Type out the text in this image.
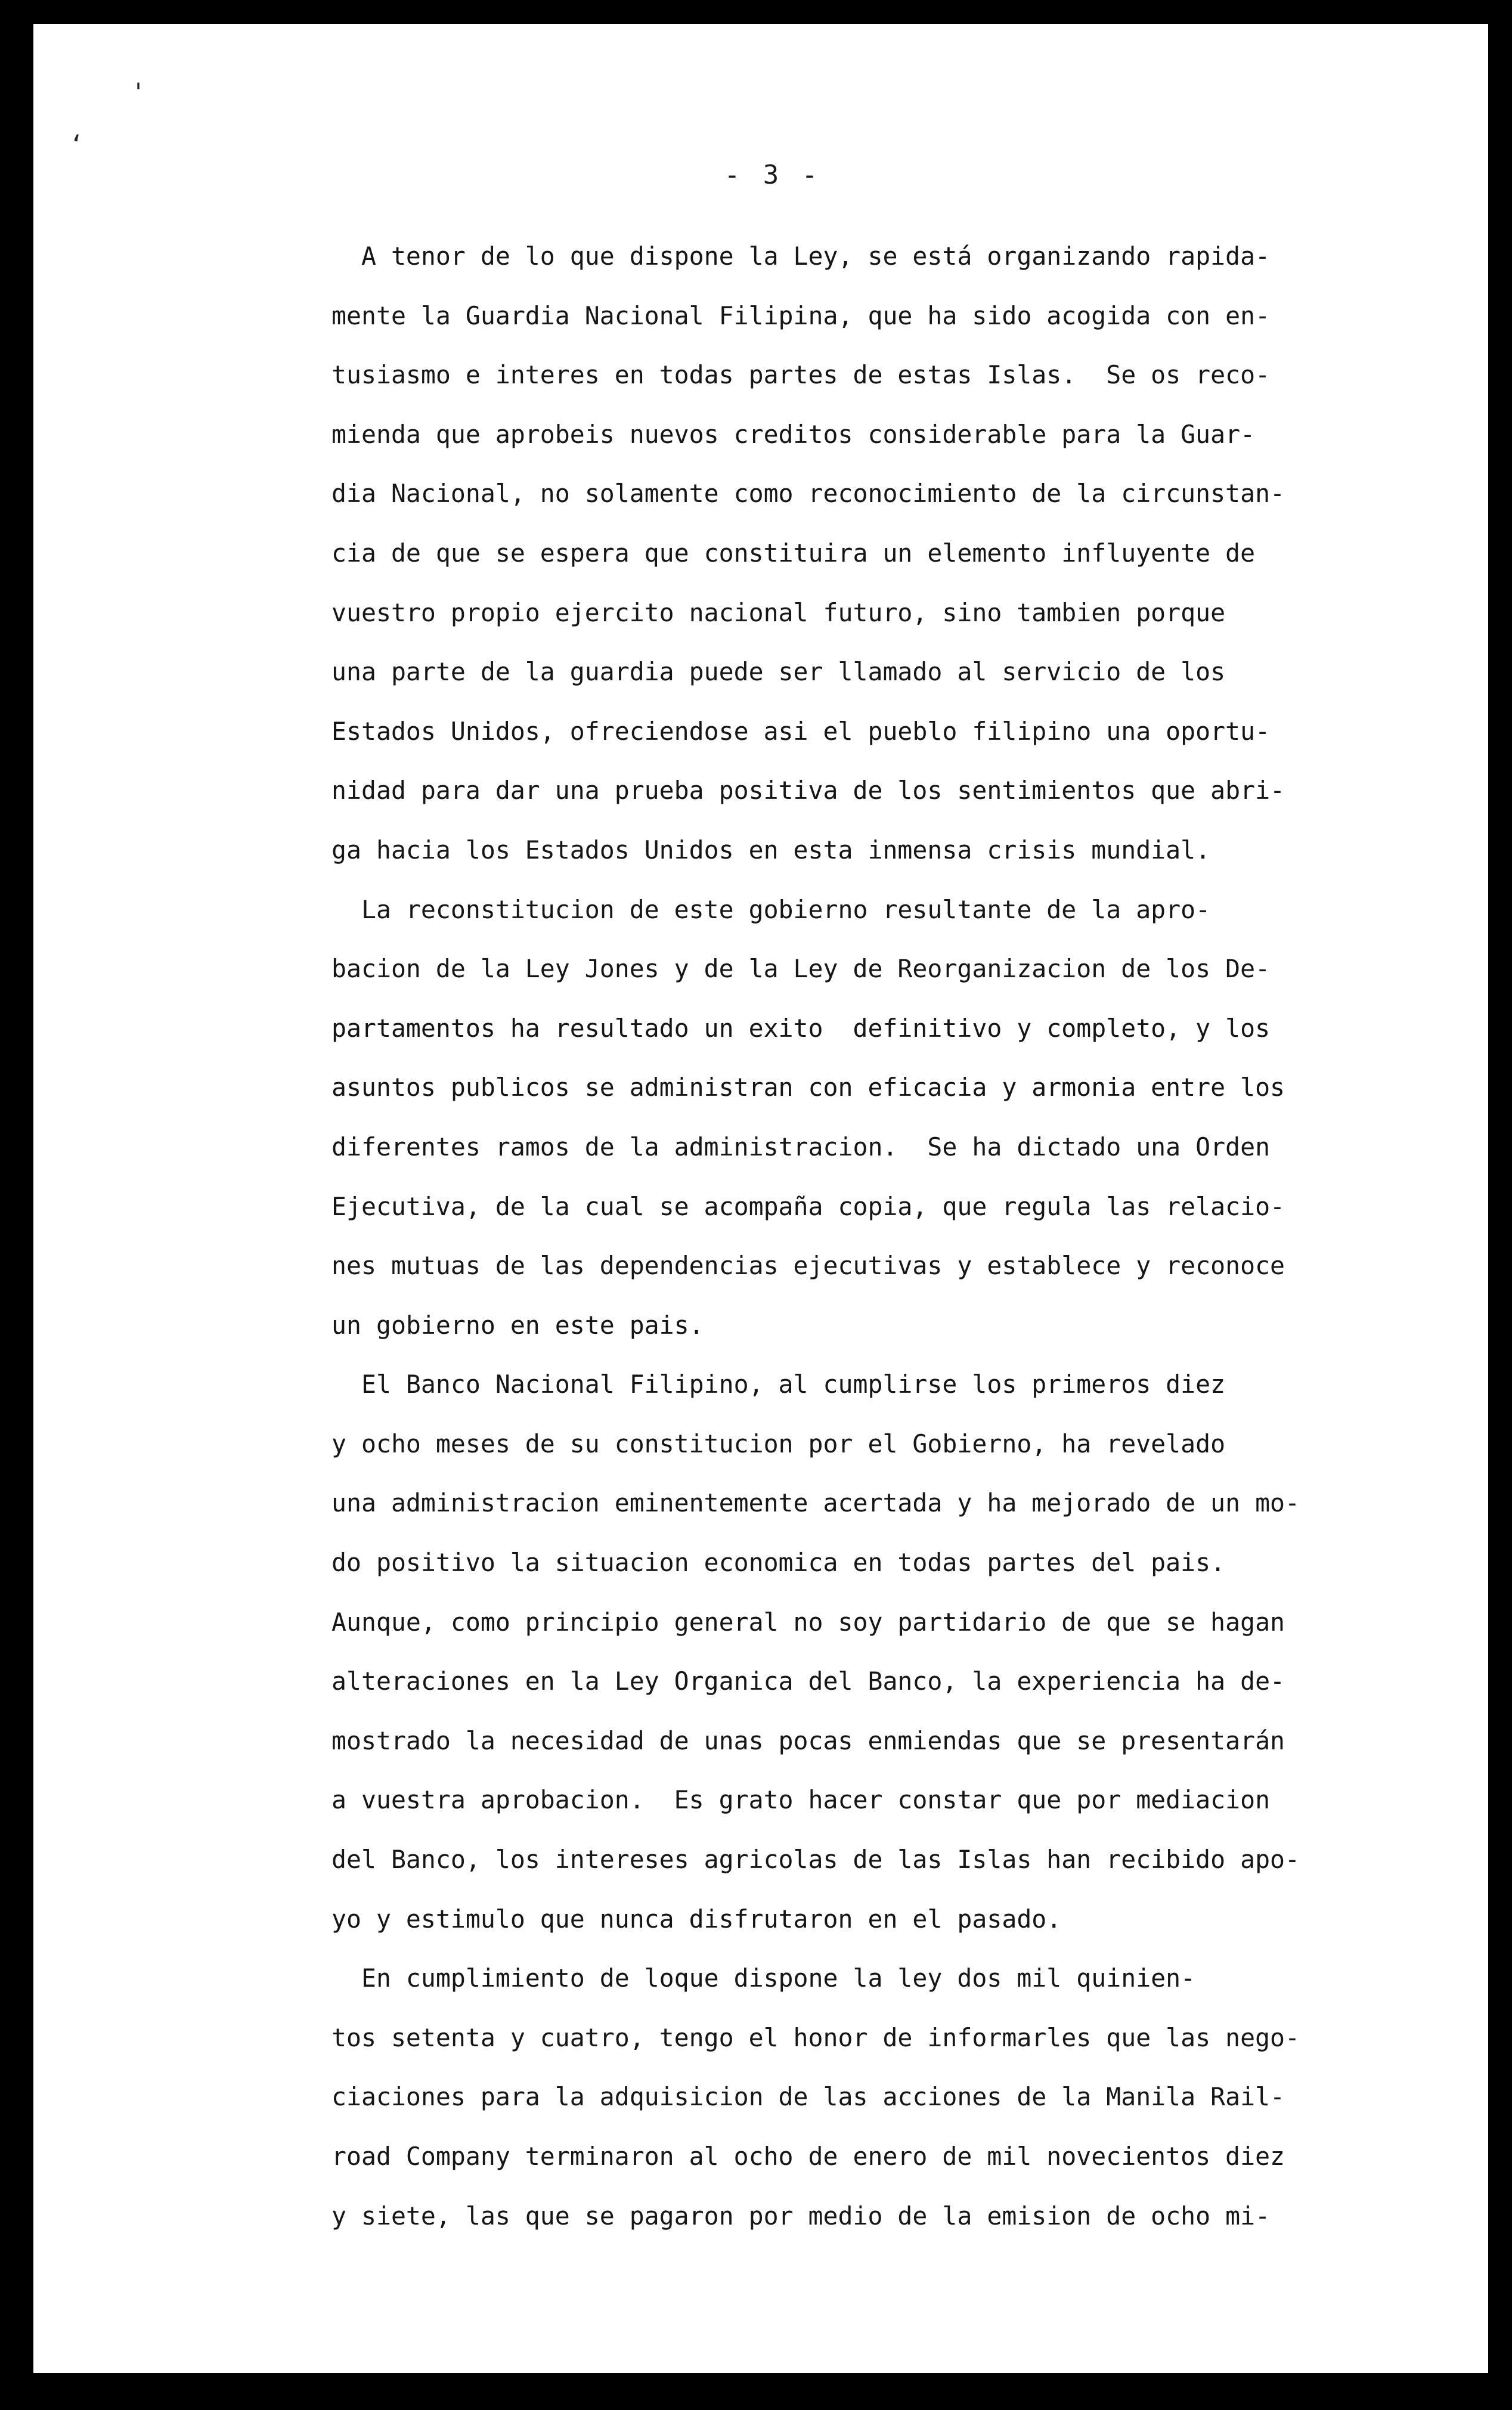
'
‘
- 3 -
A tenor de lo que dispone la Ley, se está organizando rapida-
mente la Guardia Nacional Filipina, que ha sido acogida con en-
tusiasmo e interes en todas partes de estas Islas.  Se os reco-
mienda que aprobeis nuevos creditos considerable para la Guar-
dia Nacional, no solamente como reconocimiento de la circunstan-
cia de que se espera que constituira un elemento influyente de
vuestro propio ejercito nacional futuro, sino tambien porque
una parte de la guardia puede ser llamado al servicio de los
Estados Unidos, ofreciendose asi el pueblo filipino una oportu-
nidad para dar una prueba positiva de los sentimientos que abri-
ga hacia los Estados Unidos en esta inmensa crisis mundial.
La reconstitucion de este gobierno resultante de la apro-
bacion de la Ley Jones y de la Ley de Reorganizacion de los De-
partamentos ha resultado un exito  definitivo y completo, y los
asuntos publicos se administran con eficacia y armonia entre los
diferentes ramos de la administracion.  Se ha dictado una Orden
Ejecutiva, de la cual se acompaña copia, que regula las relacio-
nes mutuas de las dependencias ejecutivas y establece y reconoce
un gobierno en este pais.
El Banco Nacional Filipino, al cumplirse los primeros diez
y ocho meses de su constitucion por el Gobierno, ha revelado
una administracion eminentemente acertada y ha mejorado de un mo-
do positivo la situacion economica en todas partes del pais.
Aunque, como principio general no soy partidario de que se hagan
alteraciones en la Ley Organica del Banco, la experiencia ha de-
mostrado la necesidad de unas pocas enmiendas que se presentarán
a vuestra aprobacion.  Es grato hacer constar que por mediacion
del Banco, los intereses agricolas de las Islas han recibido apo-
yo y estimulo que nunca disfrutaron en el pasado.
En cumplimiento de loque dispone la ley dos mil quinien-
tos setenta y cuatro, tengo el honor de informarles que las nego-
ciaciones para la adquisicion de las acciones de la Manila Rail-
road Company terminaron al ocho de enero de mil novecientos diez
y siete, las que se pagaron por medio de la emision de ocho mi-
